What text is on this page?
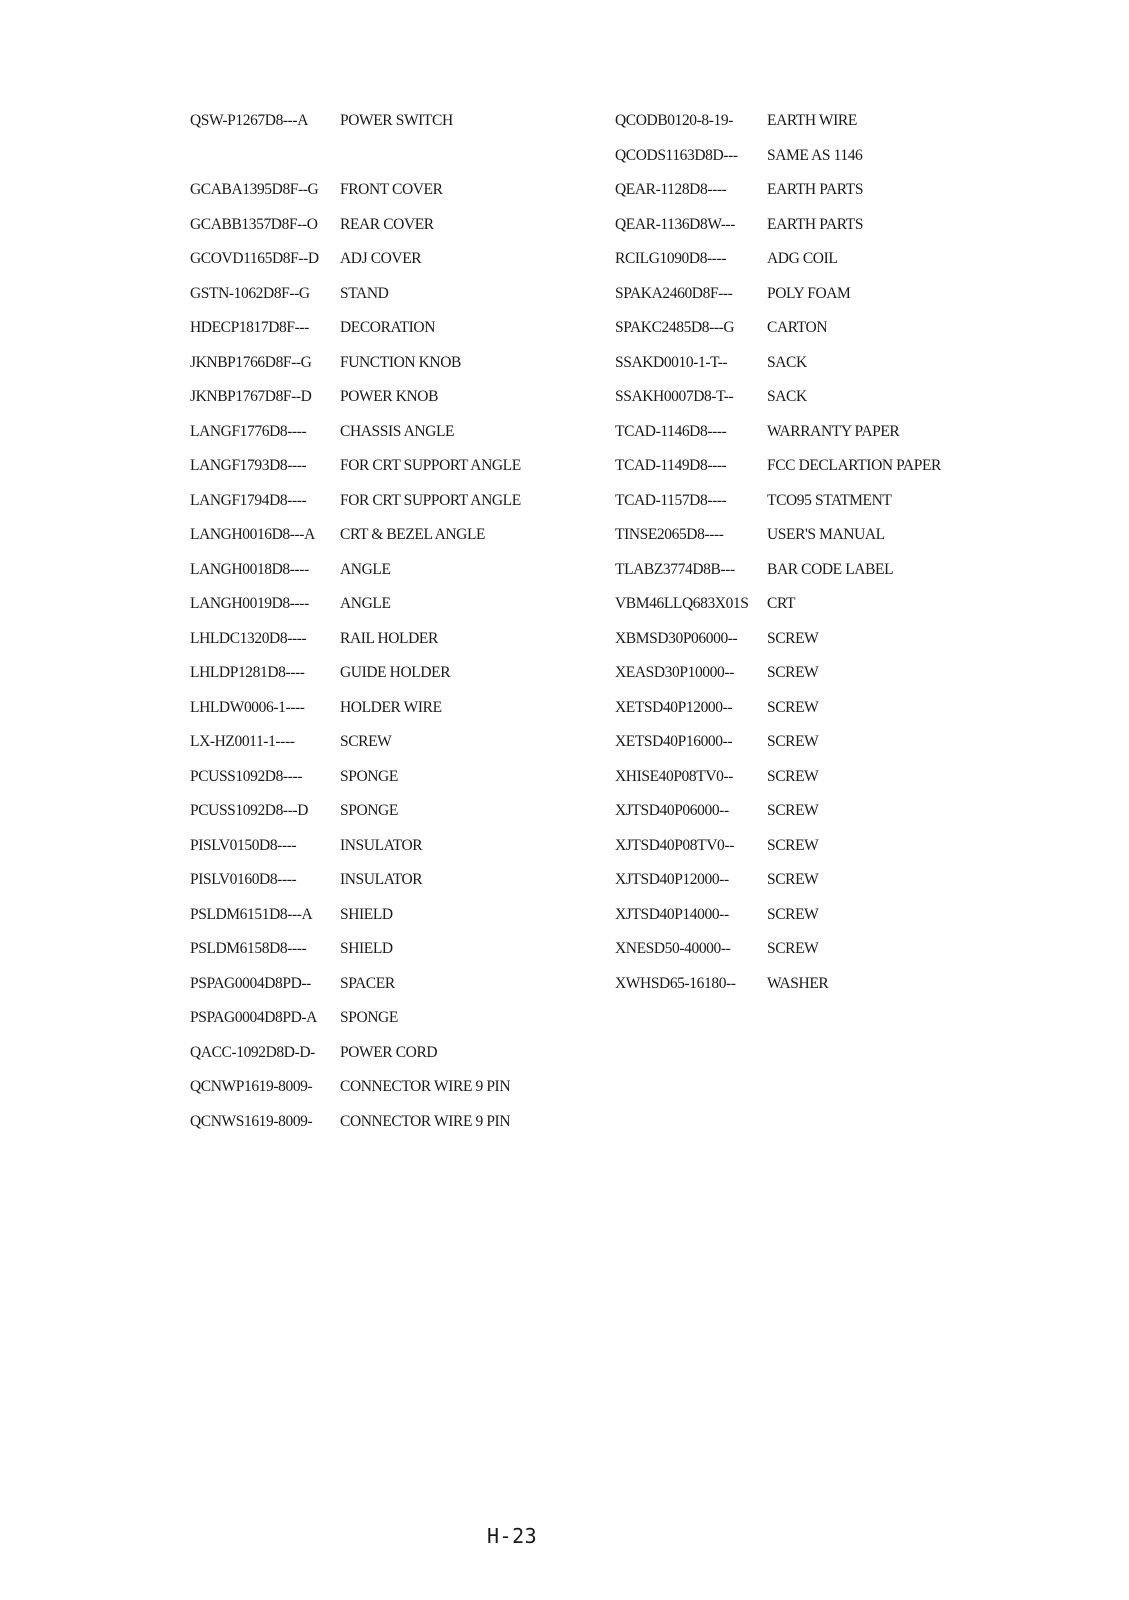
QSW-P1267D8---A	POWER SWITCH
GCABA1395D8F--G	FRONT COVER
GCABB1357D8F--O	REAR COVER
GCOVD1165D8F--D	ADJ COVER
GSTN-1062D8F--G	STAND
HDECP1817D8F---	DECORATION
JKNBP1766D8F--G	FUNCTION KNOB
JKNBP1767D8F--D	POWER KNOB
LANGF1776D8----	CHASSIS ANGLE
LANGF1793D8----	FOR CRT SUPPORT ANGLE
LANGF1794D8----	FOR CRT SUPPORT ANGLE
LANGH0016D8---A	CRT & BEZEL ANGLE
LANGH0018D8----	ANGLE
LANGH0019D8----	ANGLE
LHLDC1320D8----	RAIL HOLDER
LHLDP1281D8----	GUIDE HOLDER
LHLDW0006-1----	HOLDER WIRE
LX-HZ0011-1----	SCREW
PCUSS1092D8----	SPONGE
PCUSS1092D8---D	SPONGE
PISLV0150D8----	INSULATOR
PISLV0160D8----	INSULATOR
PSLDM6151D8---A	SHIELD
PSLDM6158D8----	SHIELD
PSPAG0004D8PD--	SPACER
PSPAG0004D8PD-A	SPONGE
QACC-1092D8D-D-	POWER CORD
QCNWP1619-8009-	CONNECTOR WIRE 9 PIN
QCNWS1619-8009-	CONNECTOR WIRE 9 PIN
QCODB0120-8-19-	EARTH WIRE
QCODS1163D8D---	SAME AS 1146
QEAR-1128D8----	EARTH PARTS
QEAR-1136D8W---	EARTH PARTS
RCILG1090D8----	ADG COIL
SPAKA2460D8F---	POLY FOAM
SPAKC2485D8---G	CARTON
SSAKD0010-1-T--	SACK
SSAKH0007D8-T--	SACK
TCAD-1146D8----	WARRANTY PAPER
TCAD-1149D8----	FCC DECLARTION PAPER
TCAD-1157D8----	TCO95 STATMENT
TINSE2065D8----	USER'S MANUAL
TLABZ3774D8B---	BAR CODE LABEL
VBM46LLQ683X01S	CRT
XBMSD30P06000--	SCREW
XEASD30P10000--	SCREW
XETSD40P12000--	SCREW
XETSD40P16000--	SCREW
XHISE40P08TV0--	SCREW
XJTSD40P06000--	SCREW
XJTSD40P08TV0--	SCREW
XJTSD40P12000--	SCREW
XJTSD40P14000--	SCREW
XNESD50-40000--	SCREW
XWHSD65-16180--	WASHER
H-23
